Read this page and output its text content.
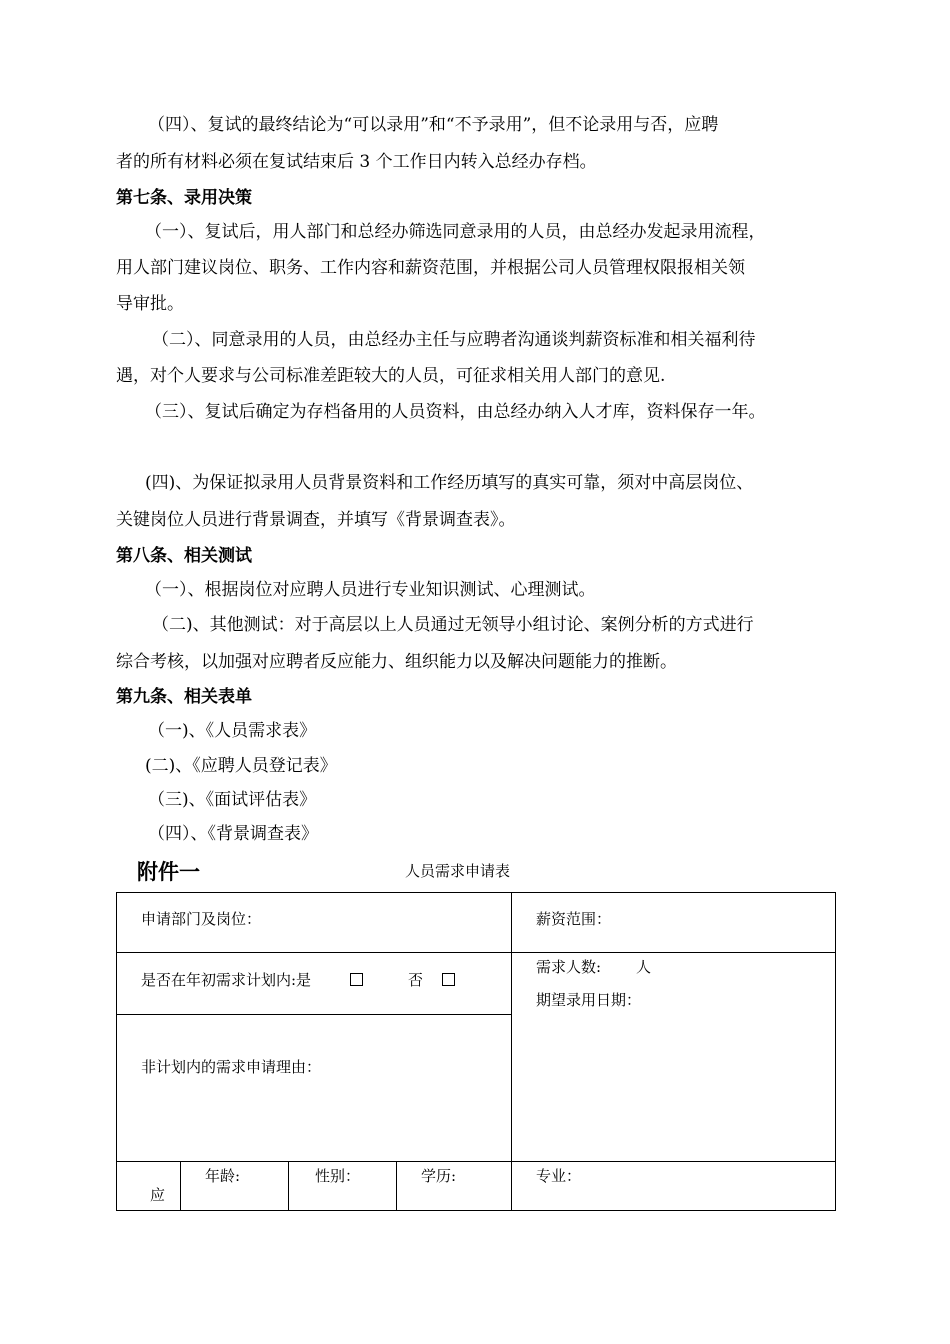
（四）、复试的最终结论为“可以录用”和“不予录用”，但不论录用与否，应聘
者的所有材料必须在复试结束后 3 个工作日内转入总经办存档。
第七条、录用决策
（一）、复试后，用人部门和总经办筛选同意录用的人员，由总经办发起录用流程，
用人部门建议岗位、职务、工作内容和薪资范围，并根据公司人员管理权限报相关领
导审批。
（二）、同意录用的人员，由总经办主任与应聘者沟通谈判薪资标准和相关福利待
遇，对个人要求与公司标准差距较大的人员，可征求相关用人部门的意见.
（三）、复试后确定为存档备用的人员资料，由总经办纳入人才库，资料保存一年。
(四)、为保证拟录用人员背景资料和工作经历填写的真实可靠，须对中高层岗位、
关键岗位人员进行背景调查，并填写《背景调查表》。
第八条、相关测试
（一）、根据岗位对应聘人员进行专业知识测试、心理测试。
（二)、其他测试：对于高层以上人员通过无领导小组讨论、案例分析的方式进行
综合考核，以加强对应聘者反应能力、组织能力以及解决问题能力的推断。
第九条、相关表单
（一)、《人员需求表》
(二)、《应聘人员登记表》
（三)、《面试评估表》
（四）、《背景调查表》
附件一	人员需求申请表
申请部门及岗位：	薪资范围：
是否在年初需求计划内:是	否
需求人数: 人
期望录用日期：
非计划内的需求申请理由：
应
年龄:	性别：	学历:	专业：
